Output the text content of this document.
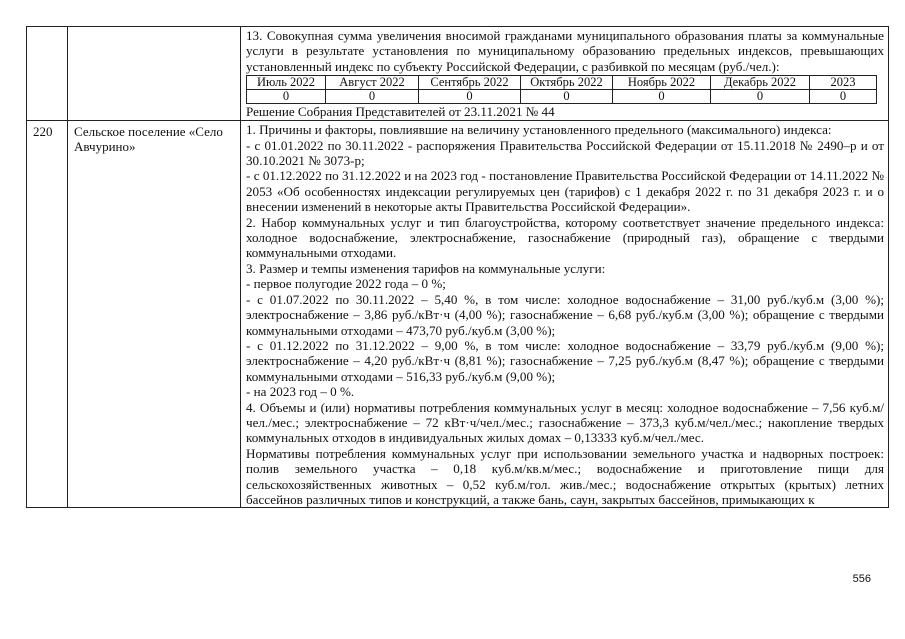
13. Совокупная сумма увеличения вносимой гражданами муниципального образования платы за коммунальные услуги в результате установления по муниципальному образованию предельных индексов, превышающих установленный индекс по субъекту Российской Федерации, с разбивкой по месяцам (руб./чел.):

Июль 2022	Август 2022	Сентябрь 2022	Октябрь 2022	Ноябрь 2022	Декабрь 2022	2023
0	0	0	0	0	0	0

Решение Собрания Представителей от 23.11.2021 № 44

220	Сельское поселение «Село Авчурино»	

1. Причины и факторы, повлиявшие на величину установленного предельного (максимального) индекса:

- с 01.01.2022 по 30.11.2022 - распоряжения Правительства Российской Федерации от 15.11.2018 № 2490–р и от 30.10.2021 № 3073-р;

- с 01.12.2022 по 31.12.2022 и на 2023 год - постановление Правительства Российской Федерации от 14.11.2022 № 2053 «Об особенностях индексации регулируемых цен (тарифов) с 1 декабря 2022 г. по 31 декабря 2023 г. и о внесении изменений в некоторые акты Правительства Российской Федерации».

2. Набор коммунальных услуг и тип благоустройства, которому соответствует значение предельного индекса: холодное водоснабжение, электроснабжение, газоснабжение (природный газ), обращение с твердыми коммунальными отходами.

3. Размер и темпы изменения тарифов на коммунальные услуги:

- первое полугодие 2022 года – 0 %;

- с 01.07.2022 по 30.11.2022 – 5,40 %, в том числе: холодное водоснабжение – 31,00 руб./куб.м (3,00 %); электроснабжение – 3,86 руб./кВт·ч (4,00 %); газоснабжение – 6,68 руб./куб.м (3,00 %); обращение с твердыми коммунальными отходами – 473,70 руб./куб.м (3,00 %);

- с 01.12.2022 по 31.12.2022 – 9,00 %, в том числе: холодное водоснабжение – 33,79 руб./куб.м (9,00 %); электроснабжение – 4,20 руб./кВт·ч (8,81 %); газоснабжение – 7,25 руб./куб.м (8,47 %); обращение с твердыми коммунальными отходами – 516,33 руб./куб.м (9,00 %);

- на 2023 год – 0 %.

4. Объемы и (или) нормативы потребления коммунальных услуг в месяц: холодное водоснабжение – 7,56 куб.м/чел./мес.; электроснабжение – 72 кВт·ч/чел./мес.; газоснабжение – 373,3 куб.м/чел./мес.; накопление твердых коммунальных отходов в индивидуальных жилых домах – 0,13333 куб.м/чел./мес.

Нормативы потребления коммунальных услуг при использовании земельного участка и надворных построек: полив земельного участка – 0,18 куб.м/кв.м/мес.; водоснабжение и приготовление пищи для сельскохозяйственных животных – 0,52 куб.м/гол. жив./мес.; водоснабжение открытых (крытых) летних бассейнов различных типов и конструкций, а также бань, саун, закрытых бассейнов, примыкающих к

556
